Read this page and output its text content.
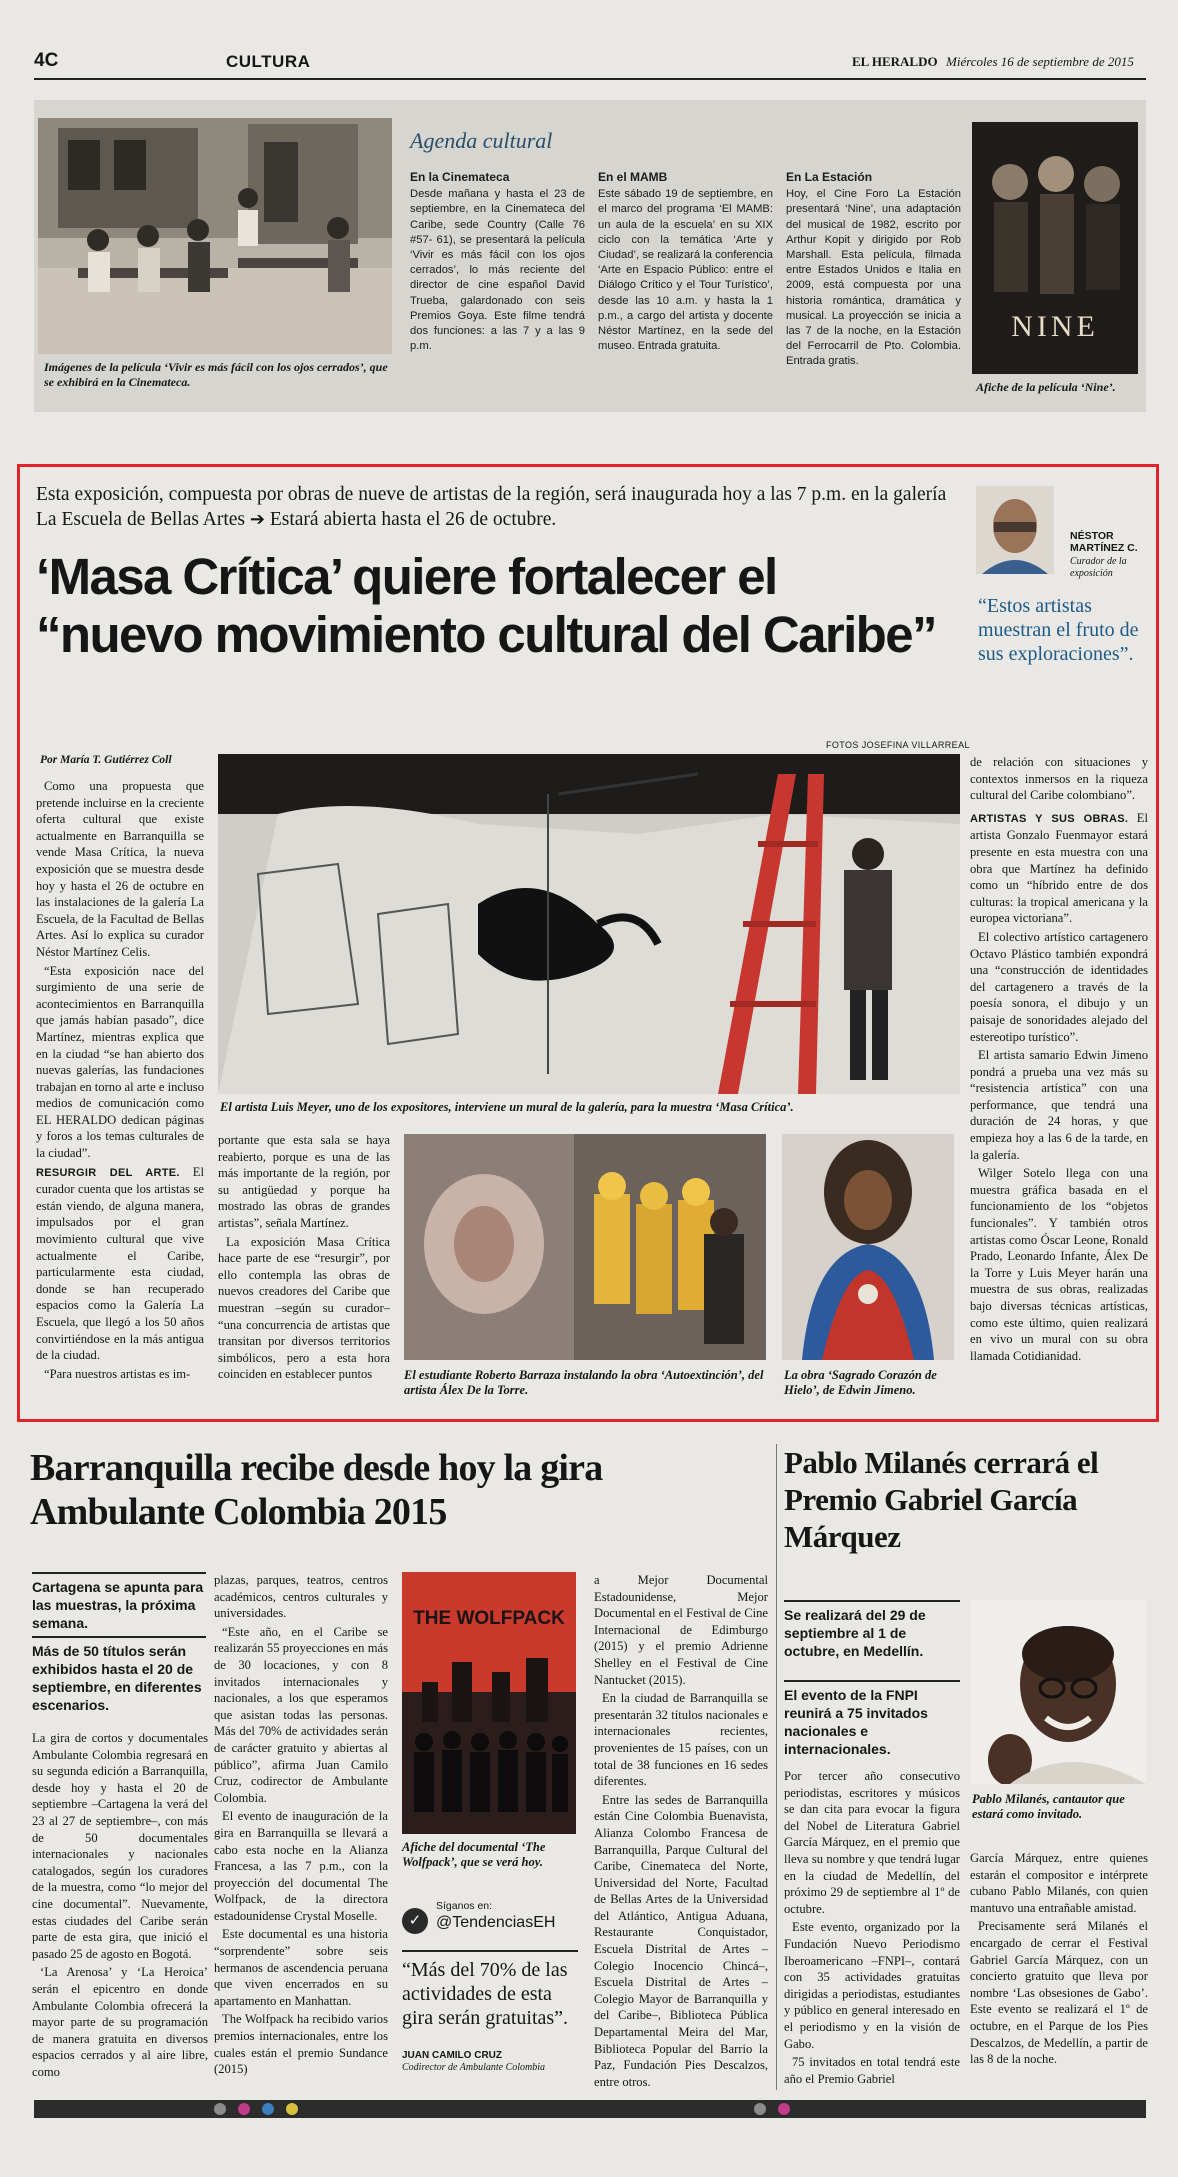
4C	CULTURA	EL HERALDO Miércoles 16 de septiembre de 2015
Imágenes de la película ‘Vivir es más fácil con los ojos cerrados’, que se exhibirá en la Cinemateca.
Agenda cultural
En la Cinemateca
Desde mañana y hasta el 23 de septiembre, en la Cinemateca del Caribe, sede Country (Calle 76 #57- 61), se presentará la película ‘Vivir es más fácil con los ojos cerrados’, lo más reciente del director de cine español David Trueba, galardonado con seis Premios Goya. Este filme tendrá dos funciones: a las 7 y a las 9 p.m.
En el MAMB
Este sábado 19 de septiembre, en el marco del programa ‘El MAMB: un aula de la escuela’ en su XIX ciclo con la temática ‘Arte y Ciudad’, se realizará la conferencia ‘Arte en Espacio Público: entre el Diálogo Crítico y el Tour Turístico’, desde las 10 a.m. y hasta la 1 p.m., a cargo del artista y docente Néstor Martínez, en la sede del museo. Entrada gratuita.
En La Estación
Hoy, el Cine Foro La Estación presentará ‘Nine’, una adaptación del musical de 1982, escrito por Arthur Kopit y dirigido por Rob Marshall. Esta película, filmada entre Estados Unidos e Italia en 2009, está compuesta por una historia romántica, dramática y musical. La proyección se inicia a las 7 de la noche, en la Estación del Ferrocarril de Pto. Colombia. Entrada gratis.
NINE
Afiche de la película ‘Nine’.
Esta exposición, compuesta por obras de nueve de artistas de la región, será inaugurada hoy a las 7 p.m. en la galería La Escuela de Bellas Artes ➔ Estará abierta hasta el 26 de octubre.
‘Masa Crítica’ quiere fortalecer el
“nuevo movimiento cultural del Caribe”
NÉSTOR MARTÍNEZ C.
Curador de la exposición
“Estos artistas muestran el fruto de sus exploraciones”.
FOTOS JOSEFINA VILLARREAL
Por María T. Gutiérrez Coll

Como una propuesta que pretende incluirse en la creciente oferta cultural que existe actualmente en Barranquilla se vende Masa Crítica, la nueva exposición que se muestra desde hoy y hasta el 26 de octubre en las instalaciones de la galería La Escuela, de la Facultad de Bellas Artes. Así lo explica su curador Néstor Martínez Celis.

“Esta exposición nace del surgimiento de una serie de acontecimientos en Barranquilla que jamás habían pasado”, dice Martínez, mientras explica que en la ciudad “se han abierto dos nuevas galerías, las fundaciones trabajan en torno al arte e incluso medios de comunicación como EL HERALDO dedican páginas y foros a los temas culturales de la ciudad”.

RESURGIR DEL ARTE. El curador cuenta que los artistas se están viendo, de alguna manera, impulsados por el gran movimiento cultural que vive actualmente el Caribe, particularmente esta ciudad, donde se han recuperado espacios como la Galería La Escuela, que llegó a los 50 años convirtiéndose en la más antigua de la ciudad.

“Para nuestros artistas es im-

El artista Luis Meyer, uno de los expositores, interviene un mural de la galería, para la muestra ‘Masa Crítica’.

portante que esta sala se haya reabierto, porque es una de las más importante de la región, por su antigüedad y porque ha mostrado las obras de grandes artistas”, señala Martínez.

La exposición Masa Crítica hace parte de ese “resurgir”, por ello contempla las obras de nuevos creadores del Caribe que muestran –según su curador– “una concurrencia de artistas que transitan por diversos territorios simbólicos, pero a esta hora coinciden en establecer puntos	El estudiante Roberto Barraza instalando la obra ‘Autoextinción’, del artista Álex De la Torre.
La obra ‘Sagrado Corazón de Hielo’, de Edwin Jimeno.

de relación con situaciones y contextos inmersos en la riqueza cultural del Caribe colombiano”.

ARTISTAS Y SUS OBRAS. El artista Gonzalo Fuenmayor estará presente en esta muestra con una obra que Martínez ha definido como un “híbrido entre de dos culturas: la tropical americana y la europea victoriana”.

El colectivo artístico cartagenero Octavo Plástico también expondrá una “construcción de identidades del cartagenero a través de la poesía sonora, el dibujo y un paisaje de sonoridades alejado del estereotipo turístico”.

El artista samario Edwin Jimeno pondrá a prueba una vez más su “resistencia artística” con una performance, que tendrá una duración de 24 horas, y que empieza hoy a las 6 de la tarde, en la galería.

Wilger Sotelo llega con una muestra gráfica basada en el funcionamiento de los “objetos funcionales”. Y también otros artistas como Óscar Leone, Ronald Prado, Leonardo Infante, Álex De la Torre y Luis Meyer harán una muestra de sus obras, realizadas bajo diversas técnicas artísticas, como este último, quien realizará en vivo un mural con su obra llamada Cotidianidad.

Barranquilla recibe desde hoy la gira Ambulante Colombia 2015
Cartagena se apunta para las muestras, la próxima semana.
Más de 50 títulos serán exhibidos hasta el 20 de septiembre, en diferentes escenarios.

La gira de cortos y documentales Ambulante Colombia regresará en su segunda edición a Barranquilla, desde hoy y hasta el 20 de septiembre –Cartagena la verá del 23 al 27 de septiembre–, con más de 50 documentales internacionales y nacionales catalogados, según los curadores de la muestra, como “lo mejor del cine documental”. Nuevamente, estas ciudades del Caribe serán parte de esta gira, que inició el pasado 25 de agosto en Bogotá.

‘La Arenosa’ y ‘La Heroica’ serán el epicentro en donde Ambulante Colombia ofrecerá la mayor parte de su programación de manera gratuita en diversos espacios cerrados y al aire libre, como

plazas, parques, teatros, centros académicos, centros culturales y universidades.

“Este año, en el Caribe se realizarán 55 proyecciones en más de 30 locaciones, y con 8 invitados internacionales y nacionales, a los que esperamos que asistan todas las personas. Más del 70% de actividades serán de carácter gratuito y abiertas al público”, afirma Juan Camilo Cruz, codirector de Ambulante Colombia.

El evento de inauguración de la gira en Barranquilla se llevará a cabo esta noche en la Alianza Francesa, a las 7 p.m., con la proyección del documental The Wolfpack, de la directora estadounidense Crystal Moselle.

Este documental es una historia “sorprendente” sobre seis hermanos de ascendencia peruana que viven encerrados en su apartamento en Manhattan.

The Wolfpack ha recibido varios premios internacionales, entre los cuales están el premio Sundance (2015)

THE WOLFPACK
Afiche del documental ‘The Wolfpack’, que se verá hoy.
✓
Síganos en:
@TendenciasEH
“Más del 70% de las actividades de esta gira serán gratuitas”.
JUAN CAMILO CRUZ
Codirector de Ambulante Colombia

a Mejor Documental Estadounidense, Mejor Documental en el Festival de Cine Internacional de Edimburgo (2015) y el premio Adrienne Shelley en el Festival de Cine Nantucket (2015).

En la ciudad de Barranquilla se presentarán 32 títulos nacionales e internacionales recientes, provenientes de 15 países, con un total de 38 funciones en 16 sedes diferentes.

Entre las sedes de Barranquilla están Cine Colombia Buenavista, Alianza Colombo Francesa de Barranquilla, Parque Cultural del Caribe, Cinemateca del Norte, Universidad del Norte, Facultad de Bellas Artes de la Universidad del Atlántico, Antigua Aduana, Restaurante Conquistador, Escuela Distrital de Artes –Colegio Inocencio Chincá–, Escuela Distrital de Artes –Colegio Mayor de Barranquilla y del Caribe–, Biblioteca Pública Departamental Meira del Mar, Biblioteca Popular del Barrio la Paz, Fundación Pies Descalzos, entre otros.

Pablo Milanés cerrará el Premio Gabriel García Márquez
Se realizará del 29 de septiembre al 1 de octubre, en Medellín.
El evento de la FNPI reunirá a 75 invitados nacionales e internacionales.

Por tercer año consecutivo periodistas, escritores y músicos se dan cita para evocar la figura del Nobel de Literatura Gabriel García Márquez, en el premio que lleva su nombre y que tendrá lugar en la ciudad de Medellín, del próximo 29 de septiembre al 1º de octubre.

Este evento, organizado por la Fundación Nuevo Periodismo Iberoamericano –FNPI–, contará con 35 actividades gratuitas dirigidas a periodistas, estudiantes y público en general interesado en el periodismo y en la visión de Gabo.

75 invitados en total tendrá este año el Premio Gabriel

Pablo Milanés, cantautor que estará como invitado.

García Márquez, entre quienes estarán el compositor e intérprete cubano Pablo Milanés, con quien mantuvo una entrañable amistad.

Precisamente será Milanés el encargado de cerrar el Festival Gabriel García Márquez, con un concierto gratuito que lleva por nombre ‘Las obsesiones de Gabo’. Este evento se realizará el 1º de octubre, en el Parque de los Pies Descalzos, de Medellín, a partir de las 8 de la noche.
